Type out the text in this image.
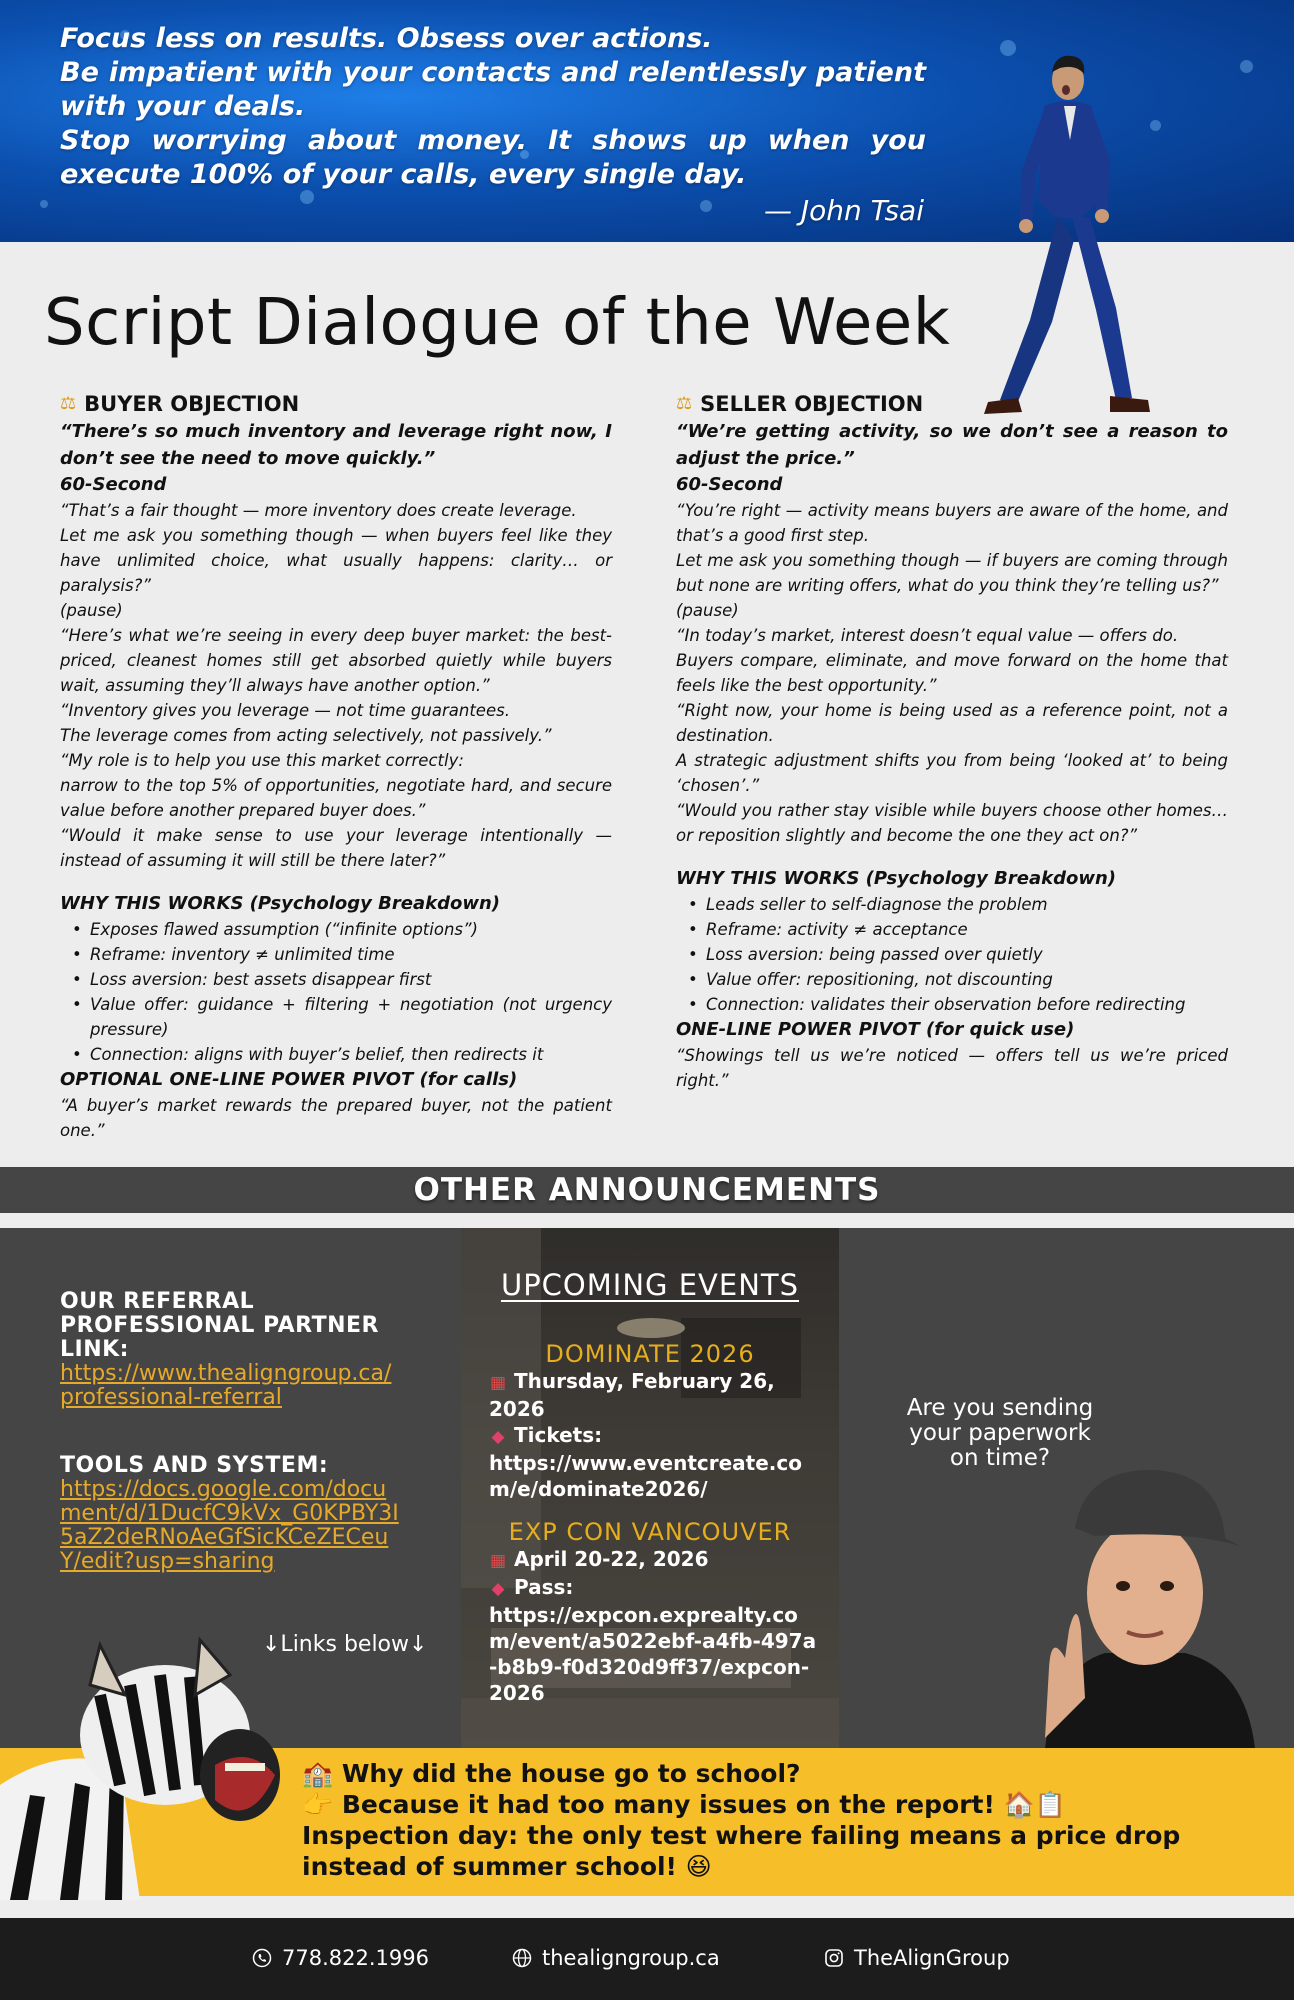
Focus less on results. Obsess over actions.
Be impatient with your contacts and relentlessly patient with your deals.
Stop worrying about money. It shows up when you execute 100% of your calls, every single day.
— John Tsai
Script Dialogue of the Week
⚖ BUYER OBJECTION

“There’s so much inventory and leverage right now, I don’t see the need to move quickly.”

60-Second

“That’s a fair thought — more inventory does create leverage.

Let me ask you something though — when buyers feel like they have unlimited choice, what usually happens: clarity… or paralysis?”

(pause)

“Here’s what we’re seeing in every deep buyer market: the best-priced, cleanest homes still get absorbed quietly while buyers wait, assuming they’ll always have another option.”

“Inventory gives you leverage — not time guarantees.

The leverage comes from acting selectively, not passively.”

“My role is to help you use this market correctly:

narrow to the top 5% of opportunities, negotiate hard, and secure value before another prepared buyer does.”

“Would it make sense to use your leverage intentionally — instead of assuming it will still be there later?”

WHY THIS WORKS (Psychology Breakdown)

• Exposes flawed assumption (“infinite options”)
• Reframe: inventory ≠ unlimited time
• Loss aversion: best assets disappear first
• Value offer: guidance + filtering + negotiation (not urgency pressure)
• Connection: aligns with buyer’s belief, then redirects it

OPTIONAL ONE-LINE POWER PIVOT (for calls)

“A buyer’s market rewards the prepared buyer, not the patient one.”

⚖ SELLER OBJECTION

“We’re getting activity, so we don’t see a reason to adjust the price.”

60-Second

“You’re right — activity means buyers are aware of the home, and that’s a good first step.

Let me ask you something though — if buyers are coming through but none are writing offers, what do you think they’re telling us?”

(pause)

“In today’s market, interest doesn’t equal value — offers do.

Buyers compare, eliminate, and move forward on the home that feels like the best opportunity.”

“Right now, your home is being used as a reference point, not a destination.

A strategic adjustment shifts you from being ‘looked at’ to being ‘chosen’.”

“Would you rather stay visible while buyers choose other homes… or reposition slightly and become the one they act on?”

WHY THIS WORKS (Psychology Breakdown)

• Leads seller to self-diagnose the problem
• Reframe: activity ≠ acceptance
• Loss aversion: being passed over quietly
• Value offer: repositioning, not discounting
• Connection: validates their observation before redirecting

ONE-LINE POWER PIVOT (for quick use)

“Showings tell us we’re noticed — offers tell us we’re priced right.”

OTHER ANNOUNCEMENTS
OUR REFERRAL PROFESSIONAL PARTNER LINK:
https://www.thealigngroup.ca/professional-referral
TOOLS AND SYSTEM:
https://docs.google.com/document/d/1DucfC9kVx_G0KPBY3I5aZ2deRNoAeGfSicKCeZECeuY/edit?usp=sharing
↓Links below↓
UPCOMING EVENTS
DOMINATE 2026
▦ Thursday, February 26, 2026
◆ Tickets:
https://www.eventcreate.com/e/dominate2026/
EXP CON VANCOUVER
▦ April 20-22, 2026
◆ Pass:
https://expcon.exprealty.com/event/a5022ebf-a4fb-497a-b8b9-f0d320d9ff37/expcon-2026
Are you sending your paperwork on time?
🏫 Why did the house go to school?
👉 Because it had too many issues on the report! 🏠📋
Inspection day: the only test where failing means a price drop instead of summer school! 😆
778.822.1996	thealigngroup.ca	TheAlignGroup
